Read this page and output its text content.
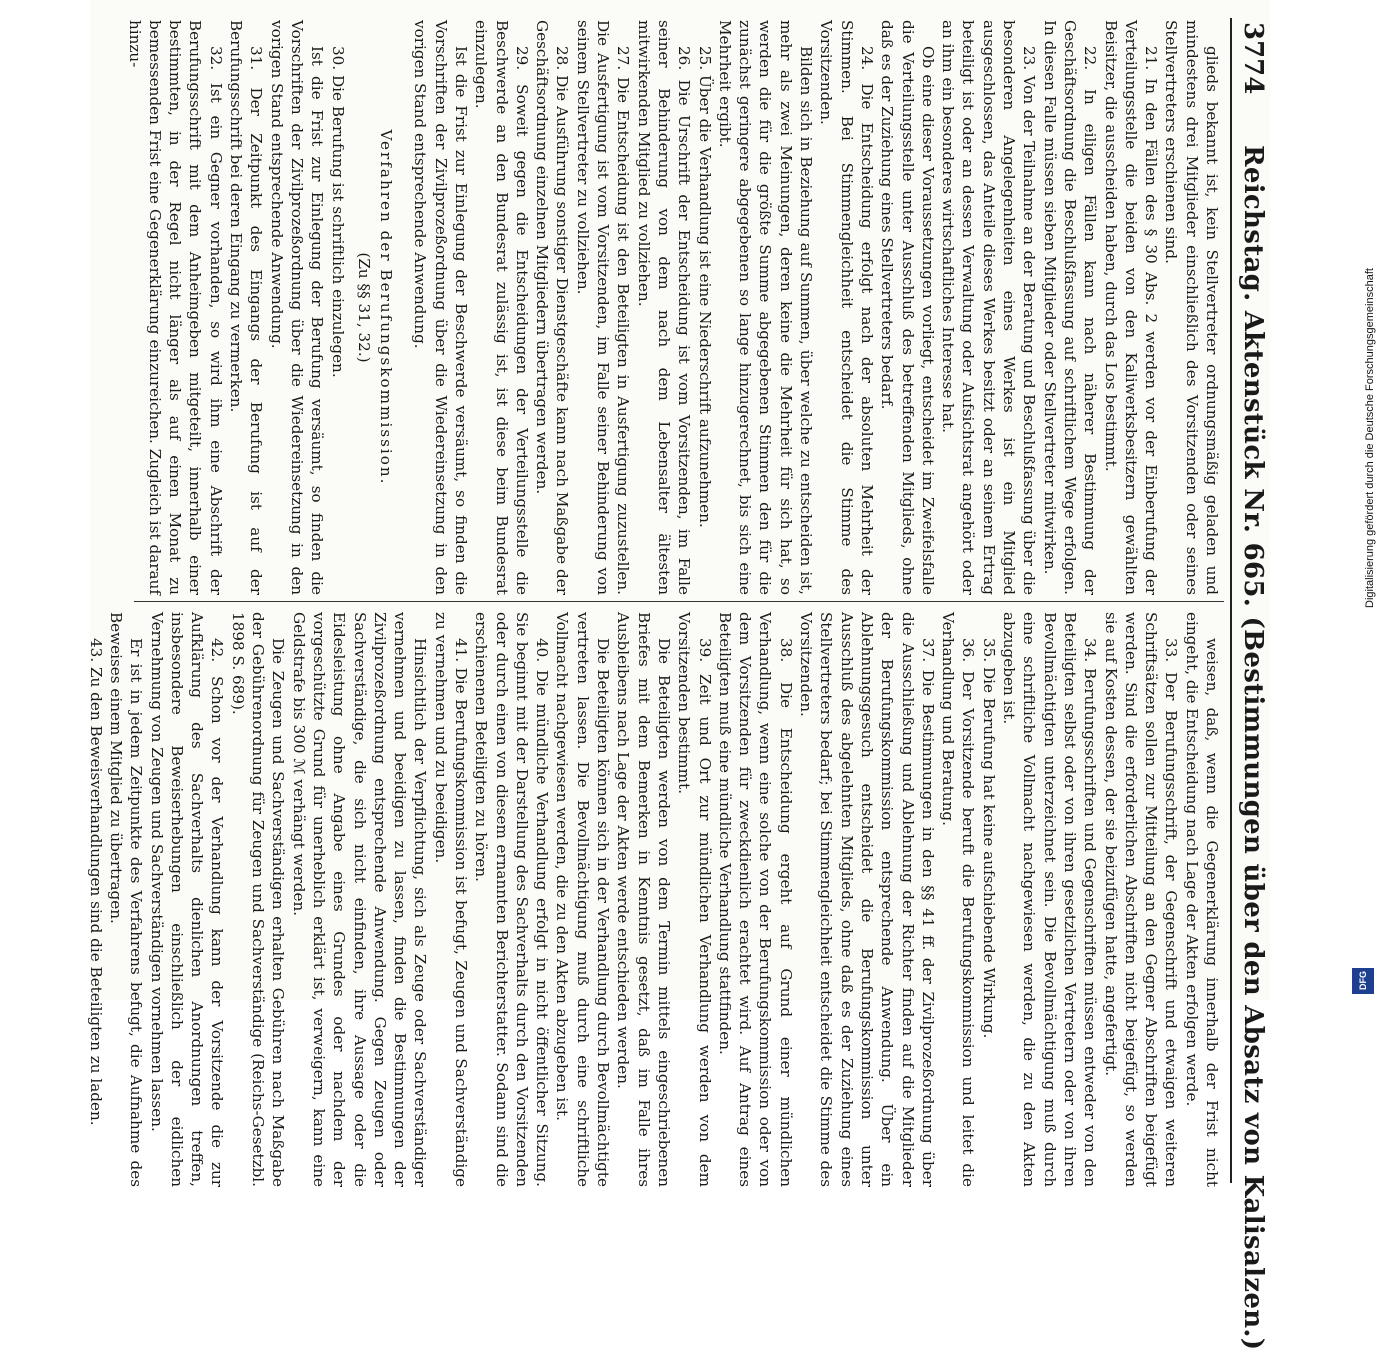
3774
Reichstag. Aktenstück Nr. 665. (Bestimmungen über den Absatz von Kalisalzen.)

glieds bekannt ist, kein Stellvertreter ordnungsmäßig geladen und mindestens drei Mitglieder einschließlich des Vorsitzenden oder seines Stellvertreters erschienen sind.

21. In den Fällen des § 30 Abs. 2 werden vor der Einberufung der Verteilungsstelle die beiden von den Kaliwerksbesitzern gewählten Beisitzer, die ausscheiden haben, durch das Los bestimmt.

22. In eiligen Fällen kann nach näherer Bestimmung der Geschäftsordnung die Beschlußfassung auf schriftlichem Wege erfolgen. In diesen Falle müssen sieben Mitglieder oder Stellvertreter mitwirken.

23. Von der Teilnahme an der Beratung und Beschlußfassung über die besonderen Angelegenheiten eines Werkes ist ein Mitglied ausgeschlossen, das Anteile dieses Werkes besitzt oder an seinem Ertrag beteiligt ist oder an dessen Verwaltung oder Aufsichtsrat angehört oder an ihm ein besonderes wirtschaftliches Interesse hat.

Ob eine dieser Voraussetzungen vorliegt, entscheidet im Zweifelsfalle die Verteilungsstelle unter Ausschluß des betreffenden Mitglieds, ohne daß es der Zuziehung eines Stellvertreters bedarf.

24. Die Entscheidung erfolgt nach der absoluten Mehrheit der Stimmen. Bei Stimmengleichheit entscheidet die Stimme des Vorsitzenden.

Bilden sich in Beziehung auf Summen, über welche zu entscheiden ist, mehr als zwei Meinungen, deren keine die Mehrheit für sich hat, so werden die für die größte Summe abgegebenen Stimmen den für die zunächst geringere abgegebenen so lange hinzugerechnet, bis sich eine Mehrheit ergibt.

25. Über die Verhandlung ist eine Niederschrift aufzunehmen.

26. Die Urschrift der Entscheidung ist vom Vorsitzenden, im Falle seiner Behinderung von dem nach dem Lebensalter ältesten mitwirkenden Mitglied zu vollziehen.

27. Die Entscheidung ist den Beteiligten in Ausfertigung zuzustellen. Die Ausfertigung ist vom Vorsitzenden, im Falle seiner Behinderung von seinem Stellvertreter zu vollziehen.

28. Die Ausführung sonstiger Dienstgeschäfte kann nach Maßgabe der Geschäftsordnung einzelnen Mitgliedern übertragen werden.

29. Soweit gegen die Entscheidungen der Verteilungsstelle die Beschwerde an den Bundesrat zulässig ist, ist diese beim Bundesrat einzulegen.

Ist die Frist zur Einlegung der Beschwerde versäumt, so finden die Vorschriften der Zivilprozeßordnung über die Wiedereinsetzung in den vorigen Stand entsprechende Anwendung.

Verfahren der Berufungskommission.

(Zu §§ 31, 32.)

30. Die Berufung ist schriftlich einzulegen.

Ist die Frist zur Einlegung der Berufung versäumt, so finden die Vorschriften der Zivilprozeßordnung über die Wiedereinsetzung in den vorigen Stand entsprechende Anwendung.

31. Der Zeitpunkt des Eingangs der Berufung ist auf der Berufungsschrift bei deren Eingang zu vermerken.

32. Ist ein Gegner vorhanden, so wird ihm eine Abschrift der Berufungsschrift mit dem Anheimgeben mitgeteilt, innerhalb einer bestimmten, in der Regel nicht länger als auf einen Monat zu bemessenden Frist eine Gegenerklärung einzureichen. Zugleich ist darauf hinzu-

weisen, daß, wenn die Gegenerklärung innerhalb der Frist nicht eingeht, die Entscheidung nach Lage der Akten erfolgen werde.

33. Der Berufungsschrift, der Gegenschrift und etwaigen weiteren Schriftsätzen sollen zur Mitteilung an den Gegner Abschriften beigefügt werden. Sind die erforderlichen Abschriften nicht beigefügt, so werden sie auf Kosten dessen, der sie beizufügen hatte, angefertigt.

34. Berufungsschriften und Gegenschriften müssen entweder von den Beteiligten selbst oder von ihren gesetzlichen Vertretern oder von ihren Bevollmächtigten unterzeichnet sein. Die Bevollmächtigung muß durch eine schriftliche Vollmacht nachgewiesen werden, die zu den Akten abzugeben ist.

35. Die Berufung hat keine aufschiebende Wirkung.

36. Der Vorsitzende beruft die Berufungskommission und leitet die Verhandlung und Beratung.

37. Die Bestimmungen in den §§ 41 ff. der Zivilprozeßordnung über die Ausschließung und Ablehnung der Richter finden auf die Mitglieder der Berufungskommission entsprechende Anwendung. Über ein Ablehnungsgesuch entscheidet die Berufungskommission unter Ausschluß des abgelehnten Mitglieds, ohne daß es der Zuziehung eines Stellvertreters bedarf; bei Stimmengleichheit entscheidet die Stimme des Vorsitzenden.

38. Die Entscheidung ergeht auf Grund einer mündlichen Verhandlung, wenn eine solche von der Berufungskommission oder von dem Vorsitzenden für zweckdienlich erachtet wird. Auf Antrag eines Beteiligten muß eine mündliche Verhandlung stattfinden.

39. Zeit und Ort zur mündlichen Verhandlung werden von dem Vorsitzenden bestimmt.

Die Beteiligten werden von dem Termin mittels eingeschriebenen Briefes mit dem Bemerken in Kenntnis gesetzt, daß im Falle ihres Ausbleibens nach Lage der Akten werde entschieden werden.

Die Beteiligten können sich in der Verhandlung durch Bevollmächtigte vertreten lassen. Die Bevollmächtigung muß durch eine schriftliche Vollmacht nachgewiesen werden, die zu den Akten abzugeben ist.

40. Die mündliche Verhandlung erfolgt in nicht öffentlicher Sitzung. Sie beginnt mit der Darstellung des Sachverhalts durch den Vorsitzenden oder durch einen von diesem ernannten Berichterstatter. Sodann sind die erschienenen Beteiligten zu hören.

41. Die Berufungskommission ist befugt, Zeugen und Sachverständige zu vernehmen und zu beeidigen.

Hinsichtlich der Verpflichtung, sich als Zeuge oder Sachverständiger vernehmen und beeidigen zu lassen, finden die Bestimmungen der Zivilprozeßordnung entsprechende Anwendung. Gegen Zeugen oder Sachverständige, die sich nicht einfinden, ihre Aussage oder die Eidesleistung ohne Angabe eines Grundes oder nachdem der vorgeschützte Grund für unerheblich erklärt ist, verweigern, kann eine Geldstrafe bis 300 ℳ verhängt werden.

Die Zeugen und Sachverständigen erhalten Gebühren nach Maßgabe der Gebührenordnung für Zeugen und Sachverständige (Reichs-Gesetzbl. 1898 S. 689).

42. Schon vor der Verhandlung kann der Vorsitzende die zur Aufklärung des Sachverhalts dienlichen Anordnungen treffen, insbesondere Beweiserhebungen einschließlich der eidlichen Vernehmung von Zeugen und Sachverständigen vornehmen lassen.

Er ist in jedem Zeitpunkte des Verfahrens befugt, die Aufnahme des Beweises einem Mitglied zu übertragen.

43. Zu den Beweisverhandlungen sind die Beteiligten zu laden.

Digitalisierung gefördert durch die Deutsche Forschungsgemeinschaft
DFG
